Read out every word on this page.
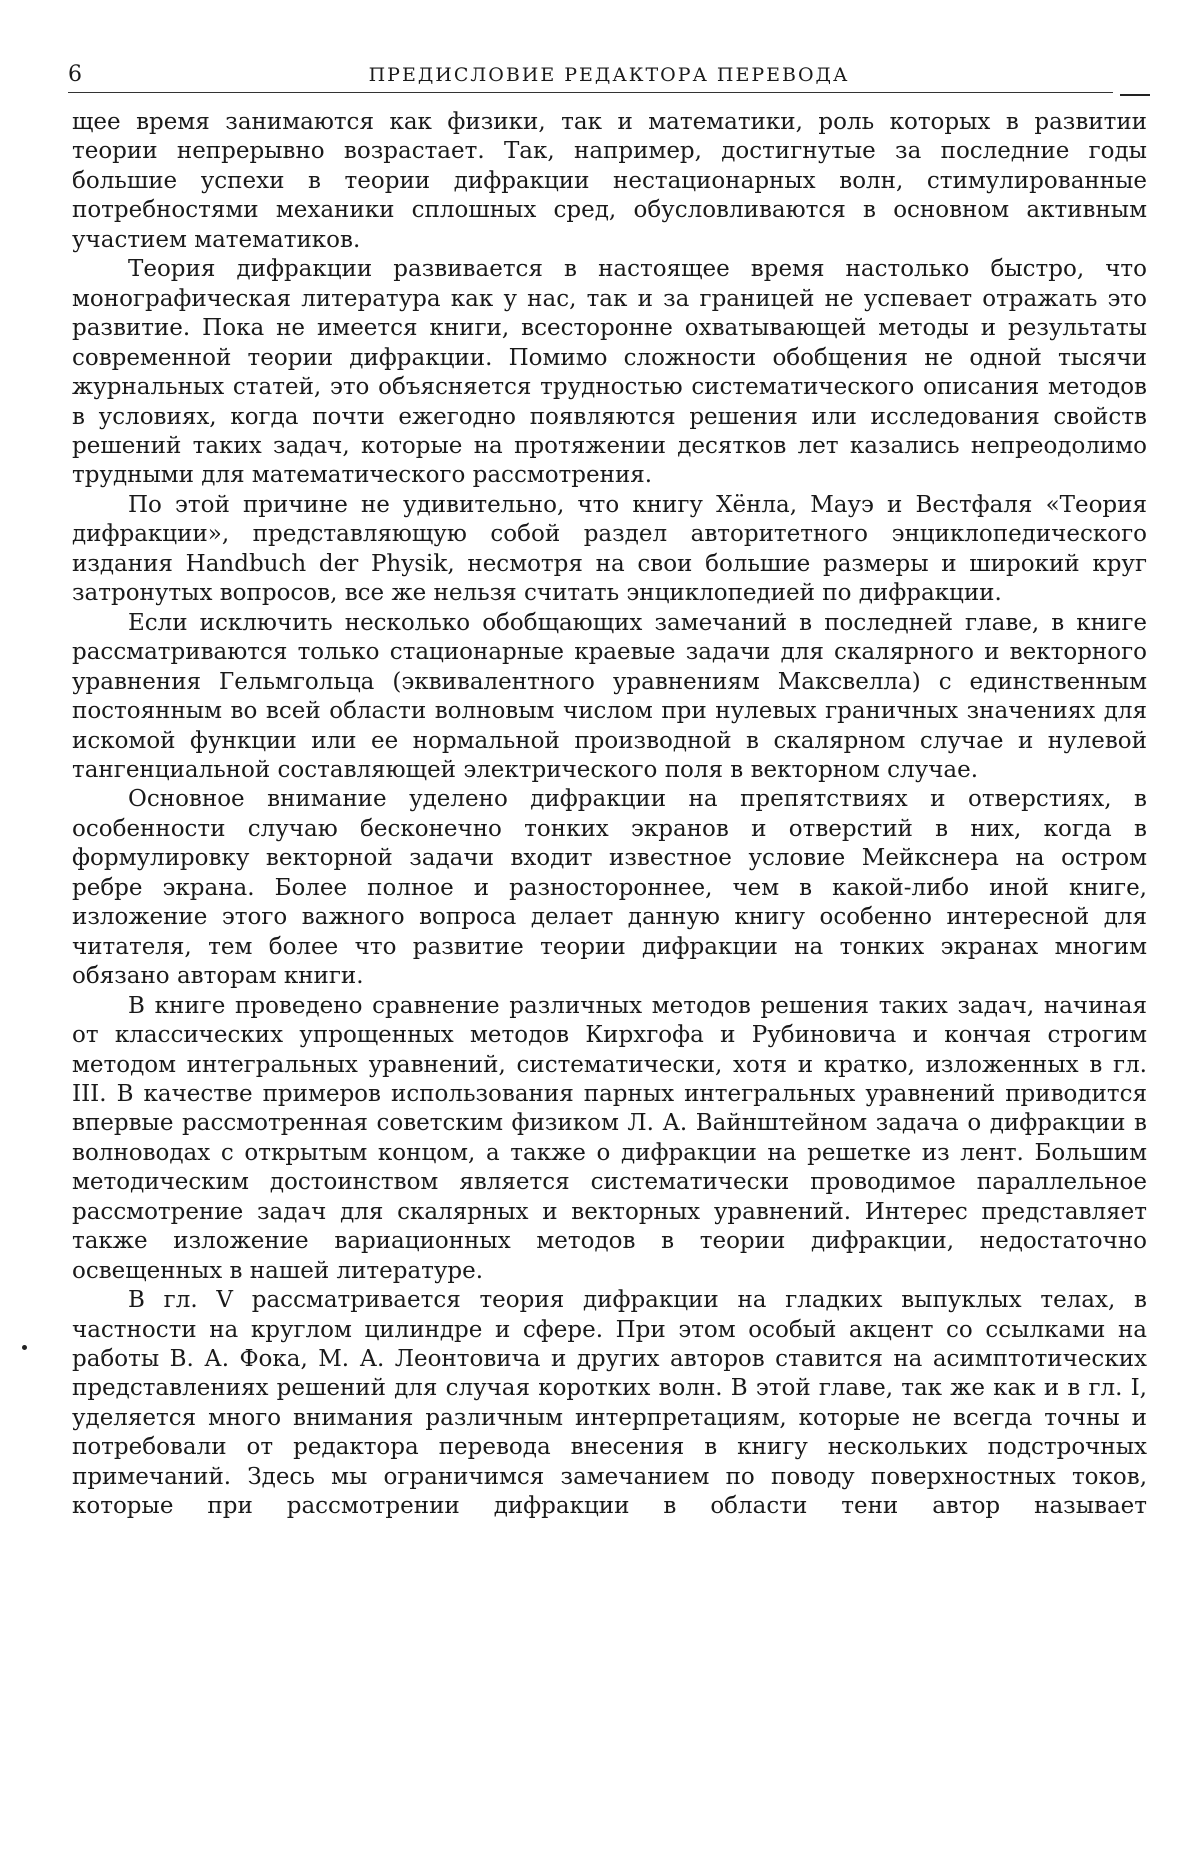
6	ПРЕДИСЛОВИЕ РЕДАКТОРА ПЕРЕВОДА

щее время занимаются как физики, так и математики, роль которых в развитии теории непрерывно возрастает. Так, например, достигнутые за последние годы большие успехи в теории дифракции нестационарных волн, стимулированные потребностями механики сплошных сред, обусловливаются в основном активным участием математиков.

Теория дифракции развивается в настоящее время настолько быстро, что монографическая литература как у нас, так и за границей не успевает отражать это развитие. Пока не имеется книги, всесторонне охватывающей методы и результаты современной теории дифракции. Помимо сложности обобщения не одной тысячи журнальных статей, это объясняется трудностью систематического описания методов в условиях, когда почти ежегодно появляются решения или исследования свойств решений таких задач, которые на протяжении десятков лет казались непреодолимо трудными для математического рассмотрения.

По этой причине не удивительно, что книгу Хёнла, Мауэ и Вестфаля «Теория дифракции», представляющую собой раздел авторитетного энциклопедического издания Handbuch der Physik, несмотря на свои большие размеры и широкий круг затронутых вопросов, все же нельзя считать энциклопедией по дифракции.

Если исключить несколько обобщающих замечаний в последней главе, в книге рассматриваются только стационарные краевые задачи для скалярного и векторного уравнения Гельмгольца (эквивалентного уравнениям Максвелла) с единственным постоянным во всей области волновым числом при нулевых граничных значениях для искомой функции или ее нормальной производной в скалярном случае и нулевой тангенциальной составляющей электрического поля в векторном случае.

Основное внимание уделено дифракции на препятствиях и отверстиях, в особенности случаю бесконечно тонких экранов и отверстий в них, когда в формулировку векторной задачи входит известное условие Мейкснера на остром ребре экрана. Более полное и разностороннее, чем в какой-либо иной книге, изложение этого важного вопроса делает данную книгу особенно интересной для читателя, тем более что развитие теории дифракции на тонких экранах многим обязано авторам книги.

В книге проведено сравнение различных методов решения таких задач, начиная от классических упрощенных методов Кирхгофа и Рубиновича и кончая строгим методом интегральных уравнений, систематически, хотя и кратко, изложенных в гл. III. В качестве примеров использования парных интегральных уравнений приводится впервые рассмотренная советским физиком Л. А. Вайнштейном задача о дифракции в волноводах с открытым концом, а также о дифракции на решетке из лент. Большим методическим достоинством является систематически проводимое параллельное рассмотрение задач для скалярных и векторных уравнений. Интерес представляет также изложение вариационных методов в теории дифракции, недостаточно освещенных в нашей литературе.

В гл. V рассматривается теория дифракции на гладких выпуклых телах, в частности на круглом цилиндре и сфере. При этом особый акцент со ссылками на работы В. А. Фока, М. А. Леонтовича и других авторов ставится на асимптотических представлениях решений для случая коротких волн. В этой главе, так же как и в гл. I, уделяется много внимания различным интерпретациям, которые не всегда точны и потребовали от редактора перевода внесения в книгу нескольких подстрочных примечаний. Здесь мы ограничимся замечанием по поводу поверхностных токов, которые при рассмотрении дифракции в области тени автор называет
